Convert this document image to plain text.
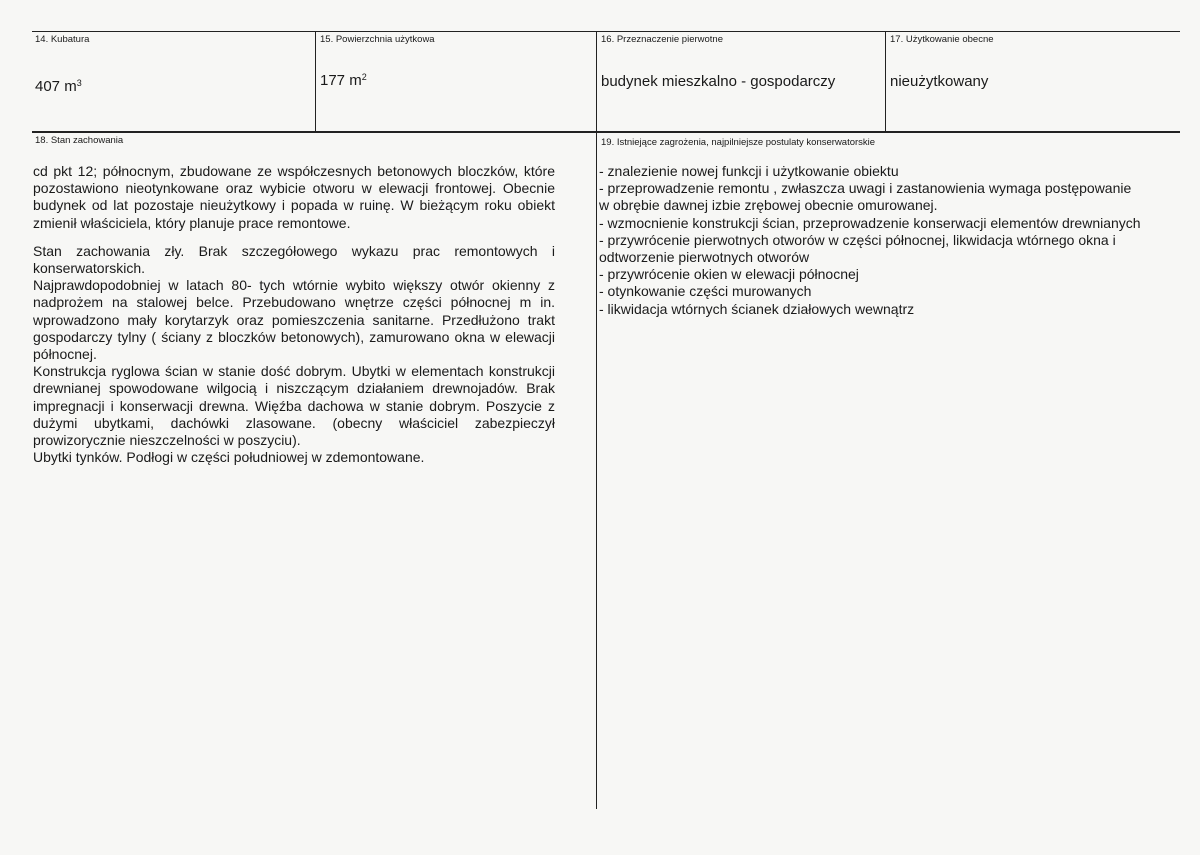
14. Kubatura
407 $m^3$
15. Powierzchnia użytkowa
177 $m^2$
16. Przeznaczenie pierwotne
budynek mieszkalno - gospodarczy
17. Użytkowanie obecne
nieużytkowany
18. Stan zachowania

cd pkt 12; północnym, zbudowane ze współczesnych betonowych bloczków, które pozostawiono nieotynkowane oraz wybicie otworu w elewacji frontowej. Obecnie budynek od lat pozostaje nieużytkowy i popada w ruinę. W bieżącym roku obiekt zmienił właściciela, który planuje prace remontowe.

Stan zachowania zły. Brak szczegółowego wykazu prac remontowych i konserwatorskich.

Najprawdopodobniej w latach 80- tych wtórnie wybito większy otwór okienny z nadprożem na stalowej belce. Przebudowano wnętrze części północnej m in. wprowadzono mały korytarzyk oraz pomieszczenia sanitarne. Przedłużono trakt gospodarczy tylny ( ściany z bloczków betonowych), zamurowano okna w elewacji północnej.

Konstrukcja ryglowa ścian w stanie dość dobrym. Ubytki w elementach konstrukcji drewnianej spowodowane wilgocią i niszczącym działaniem drewnojadów. Brak impregnacji i konserwacji drewna. Więźba dachowa w stanie dobrym. Poszycie z dużymi ubytkami, dachówki zlasowane. (obecny właściciel zabezpieczył prowizorycznie nieszczelności w poszyciu).

Ubytki tynków. Podłogi w części południowej w zdemontowane.

19. Istniejące zagrożenia, najpilniejsze postulaty konserwatorskie

- znalezienie nowej funkcji i użytkowanie obiektu

- przeprowadzenie remontu , zwłaszcza uwagi i zastanowienia wymaga postępowanie w obrębie dawnej izbie zrębowej obecnie omurowanej.

- wzmocnienie konstrukcji ścian, przeprowadzenie konserwacji elementów drewnianych

- przywrócenie pierwotnych otworów w części północnej, likwidacja wtórnego okna i odtworzenie pierwotnych otworów

- przywrócenie okien w elewacji północnej

- otynkowanie części murowanych

- likwidacja wtórnych ścianek działowych wewnątrz
